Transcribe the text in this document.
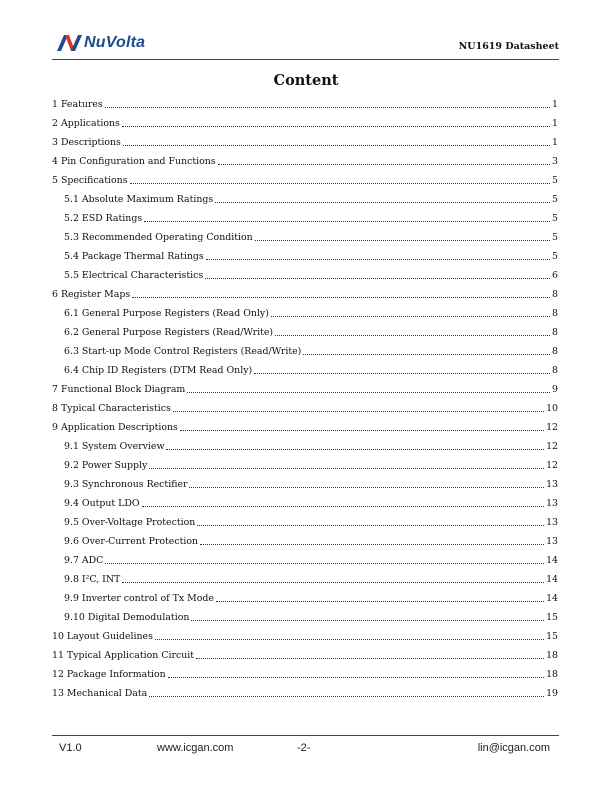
NuVolta	NU1619 Datasheet
Content
1 Features	1
2 Applications	1
3 Descriptions	1
4 Pin Configuration and Functions	3
5 Specifications	5
5.1 Absolute Maximum Ratings	5
5.2 ESD Ratings	5
5.3 Recommended Operating Condition	5
5.4 Package Thermal Ratings	5
5.5 Electrical Characteristics	6
6 Register Maps	8
6.1 General Purpose Registers (Read Only)	8
6.2 General Purpose Registers (Read/Write)	8
6.3 Start-up Mode Control Registers (Read/Write)	8
6.4 Chip ID Registers (DTM Read Only)	8
7 Functional Block Diagram	9
8 Typical Characteristics	10
9 Application Descriptions	12
9.1 System Overview	12
9.2 Power Supply	12
9.3 Synchronous Rectifier	13
9.4 Output LDO	13
9.5 Over-Voltage Protection	13
9.6 Over-Current Protection	13
9.7 ADC	14
9.8 I²C, INT	14
9.9 Inverter control of Tx Mode	14
9.10 Digital Demodulation	15
10 Layout Guidelines	15
11 Typical Application Circuit	18
12 Package Information	18
13 Mechanical Data	19
V1.0	www.icgan.com	-2-	lin@icgan.com
